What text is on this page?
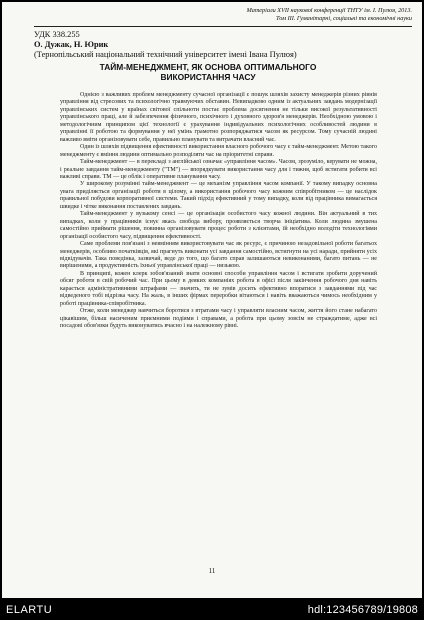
Матеріали XVII наукової конференції ТНТУ ім. І. Пулюя, 2013.
Том ІІІ. Гуманітарні, соціальні та економічні науки
УДК 338.255
О. Дужак, Н. Юрик
(Тернопільський національний технічний університет імені Івана Пулюя)
ТАЙМ-МЕНЕДЖМЕНТ, ЯК ОСНОВА ОПТИМАЛЬНОГО
ВИКОРИСТАННЯ ЧАСУ

Однією з важливих проблем менеджменту сучасної організації є пошук шляхів захисту менеджерів різних рівнів управління від стресових та психологічно травмуючих обставин. Невипадково одним із актуальних завдань модернізації управлінських систем у країнах світової спільноти постає проблема досягнення не тільки високої результативності управлінського праці, але й забезпечення фізичного, психічного і духовного здоров'я менеджерів. Необхідною умовою і методологічним принципом цієї технології є урахування індивідуальних психологічних особливостей людини в управлінні її роботою та формування у неї умінь грамотно розпоряджатися часом як ресурсом. Тому сучасній людині важливо вміти організовувати себе, правильно планувати та витрачати власний час.

Один із шляхів підвищення ефективності використання власного робочого часу є тайм-менеджмент. Метою такого менеджменту є вміння людини оптимально розподіляти час на пріоритетні справи.

Тайм-менеджмент — в перекладі з англійської означає «управління часом». Часом, зрозуміло, керувати не можна, і реальне завдання тайм-менеджменту ("ТМ") — впорядкувати використання часу для і тижня, щоб встигати робити всі важливі справи. ТМ — це облік і оперативне планування часу.

У широкому розумінні тайм-менеджмент — це механізм управління часом компанії. У такому випадку основна увага приділяється організації роботи в цілому, а використання робочого часу кожним співробітником — це наслідок правильної побудови корпоративної системи. Такий підхід ефективний у тому випадку, коли від працівника вимагається швидке і чітке виконання поставлених завдань.

Тайм-менеджмент у вузькому сенсі — це організація особистого часу кожної людини. Він актуальний в тих випадках, коли у працівників існує якась свобода вибору, проявляється творча ініціатива. Коли людина змушена самостійно приймати рішення, повинна організовувати процес роботи з клієнтами, їй необхідно володіти технологіями організації особистого часу, підвищення ефективності.

Саме проблеми пов'язані з невмінням використовувати час як ресурс, є причиною незадовільної роботи багатьох менеджерів, особливо початківців, які прагнуть виконати усі завдання самостійно, встигнути на усі наради, прийняти усіх відвідувачів. Така поведінка, зазвичай, веде до того, що багато справ залишаються невиконаними, багато питань — не вирішеними, а продуктивність їхньої управлінської праці — низькою.

В принципі, кожен клерк зобов'язаний знати основні способи управління часом і встигати зробити доручений обсяг роботи в свій робочий час. При цьому в деяких компаніях робота в офісі після закінчення робочого дня навіть карається адміністративними штрафами — значить, ти не зумів досить ефективно впоратися з завданнями під час відведеного тобі відрізка часу. На жаль, в інших фірмах переробки вітаються і навіть вважаються чимось необхідним у роботі працівника-співробітника.

Отже, коли менеджер навчиться боротися з втратами часу і управляти власним часом, життя його стане набагато цікавішим, більш насиченим приємними подіями і справами, а робота при цьому зовсім не страждатиме, адже всі посадові обов'язки будуть виконуватись вчасно і на належному рівні.

11
ELARTU	hdl:123456789/19808
